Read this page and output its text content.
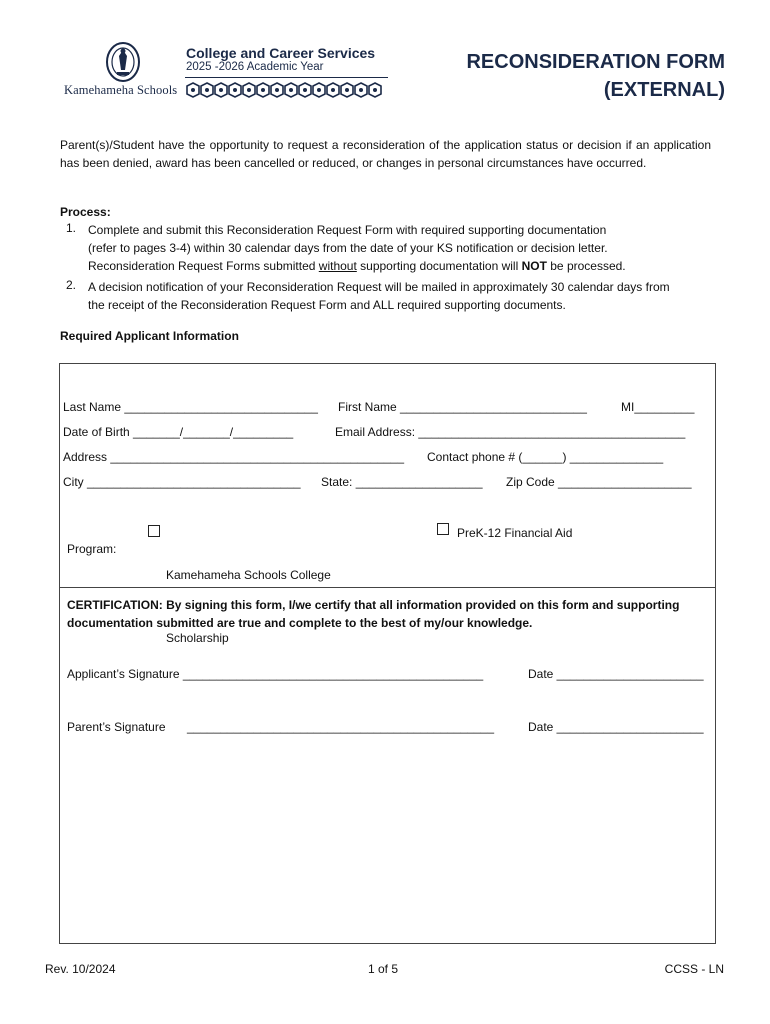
Kamehameha Schools
College and Career Services
2025 -2026 Academic Year	RECONSIDERATION FORM
(EXTERNAL)
Parent(s)/Student have the opportunity to request a reconsideration of the application status or decision if an application has been denied, award has been cancelled or reduced, or changes in personal circumstances have occurred.
Process:
1. Complete and submit this Reconsideration Request Form with required supporting documentation
(refer to pages 3-4) within 30 calendar days from the date of your KS notification or decision letter.
Reconsideration Request Forms submitted without supporting documentation will NOT be processed.
2. A decision notification of your Reconsideration Request will be mailed in approximately 30 calendar days from
the receipt of the Reconsideration Request Form and ALL required supporting documents.
Required Applicant Information
Last Name _____________________________ First Name ____________________________	MI_________
Date of Birth _______/_______/_________	Email Address: ________________________________________
Address ____________________________________________ Contact phone # (______) ______________
City ________________________________ State: ___________________ Zip Code ____________________
Program:

Kamehameha Schools College

Scholarship

PreK-12 Financial Aid
CERTIFICATION: By signing this form, I/we certify that all information provided on this form and supporting documentation submitted are true and complete to the best of my/our knowledge.
Applicant’s Signature _____________________________________________	Date ______________________
Parent’s Signature ______________________________________________	Date ______________________
Rev. 10/2024	1 of 5	CCSS - LN
